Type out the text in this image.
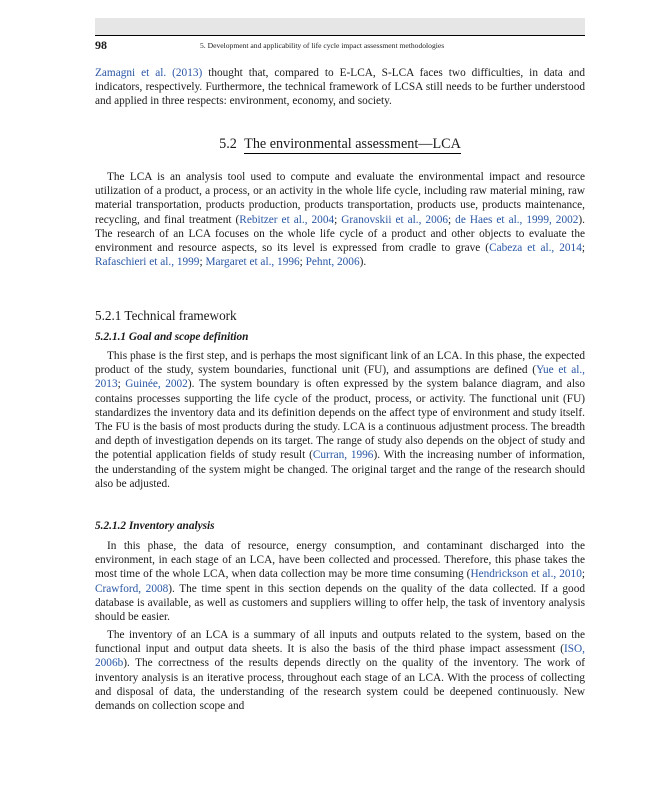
98	5. Development and applicability of life cycle impact assessment methodologies

Zamagni et al. (2013) thought that, compared to E-LCA, S-LCA faces two difficulties, in data and indicators, respectively. Furthermore, the technical framework of LCSA still needs to be further understood and applied in three respects: environment, economy, and society.

5.2 The environmental assessment—LCA

The LCA is an analysis tool used to compute and evaluate the environmental impact and resource utilization of a product, a process, or an activity in the whole life cycle, including raw material mining, raw material transportation, products production, products transportation, products use, products maintenance, recycling, and final treatment (Rebitzer et al., 2004; Granovskii et al., 2006; de Haes et al., 1999, 2002). The research of an LCA focuses on the whole life cycle of a product and other objects to evaluate the environment and resource aspects, so its level is expressed from cradle to grave (Cabeza et al., 2014; Rafaschieri et al., 1999; Margaret et al., 1996; Pehnt, 2006).

5.2.1 Technical framework
5.2.1.1 Goal and scope definition

This phase is the first step, and is perhaps the most significant link of an LCA. In this phase, the expected product of the study, system boundaries, functional unit (FU), and assumptions are defined (Yue et al., 2013; Guinée, 2002). The system boundary is often expressed by the system balance diagram, and also contains processes supporting the life cycle of the product, process, or activity. The functional unit (FU) standardizes the inventory data and its definition depends on the affect type of environment and study itself. The FU is the basis of most products during the study. LCA is a continuous adjustment process. The breadth and depth of investigation depends on its target. The range of study also depends on the object of study and the potential application fields of study result (Curran, 1996). With the increasing number of information, the understanding of the system might be changed. The original target and the range of the research should also be adjusted.

5.2.1.2 Inventory analysis

In this phase, the data of resource, energy consumption, and contaminant discharged into the environment, in each stage of an LCA, have been collected and processed. Therefore, this phase takes the most time of the whole LCA, when data collection may be more time consuming (Hendrickson et al., 2010; Crawford, 2008). The time spent in this section depends on the quality of the data collected. If a good database is available, as well as customers and suppliers willing to offer help, the task of inventory analysis should be easier.

The inventory of an LCA is a summary of all inputs and outputs related to the system, based on the functional input and output data sheets. It is also the basis of the third phase impact assessment (ISO, 2006b). The correctness of the results depends directly on the quality of the inventory. The work of inventory analysis is an iterative process, throughout each stage of an LCA. With the process of collecting and disposal of data, the understanding of the research system could be deepened continuously. New demands on collection scope and
